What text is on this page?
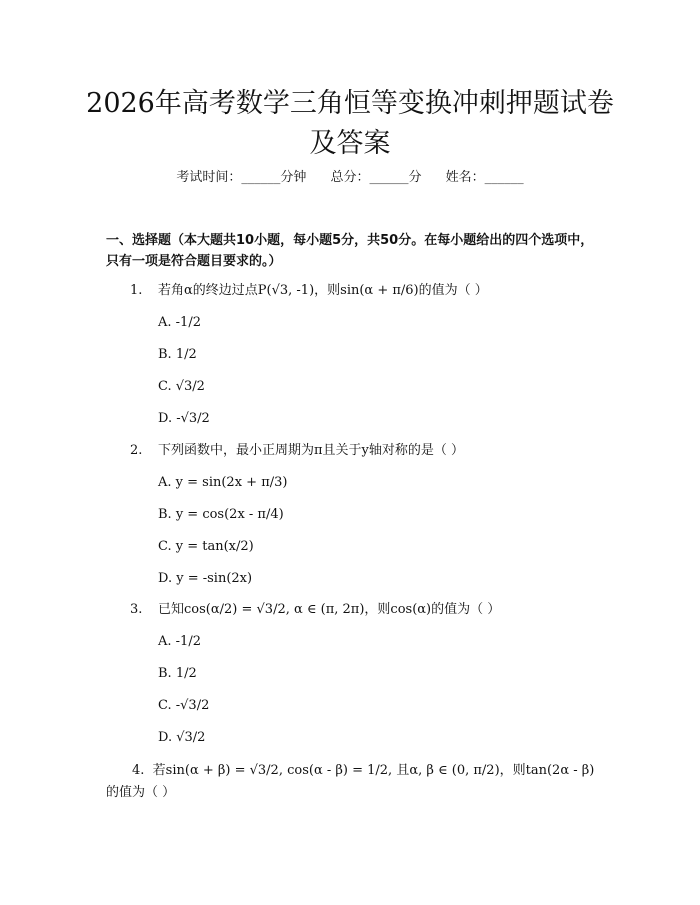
2026年高考数学三角恒等变换冲刺押题试卷
及答案
考试时间：______分钟 总分：______分 姓名：______
一、选择题（本大题共10小题，每小题5分，共50分。在每小题给出的四个选项中，只有一项是符合题目要求的。）
1. 若角α的终边过点P(√3, -1)，则sin(α + π/6)的值为（ ）
A. -1/2
B. 1/2
C. √3/2
D. -√3/2
2. 下列函数中，最小正周期为π且关于y轴对称的是（ ）
A. y = sin(2x + π/3)
B. y = cos(2x - π/4)
C. y = tan(x/2)
D. y = -sin(2x)
3. 已知cos(α/2) = √3/2, α ∈ (π, 2π)，则cos(α)的值为（ ）
A. -1/2
B. 1/2
C. -√3/2
D. √3/2
4. 若sin(α + β) = √3/2, cos(α - β) = 1/2, 且α, β ∈ (0, π/2)，则tan(2α - β)的值为（ ）
